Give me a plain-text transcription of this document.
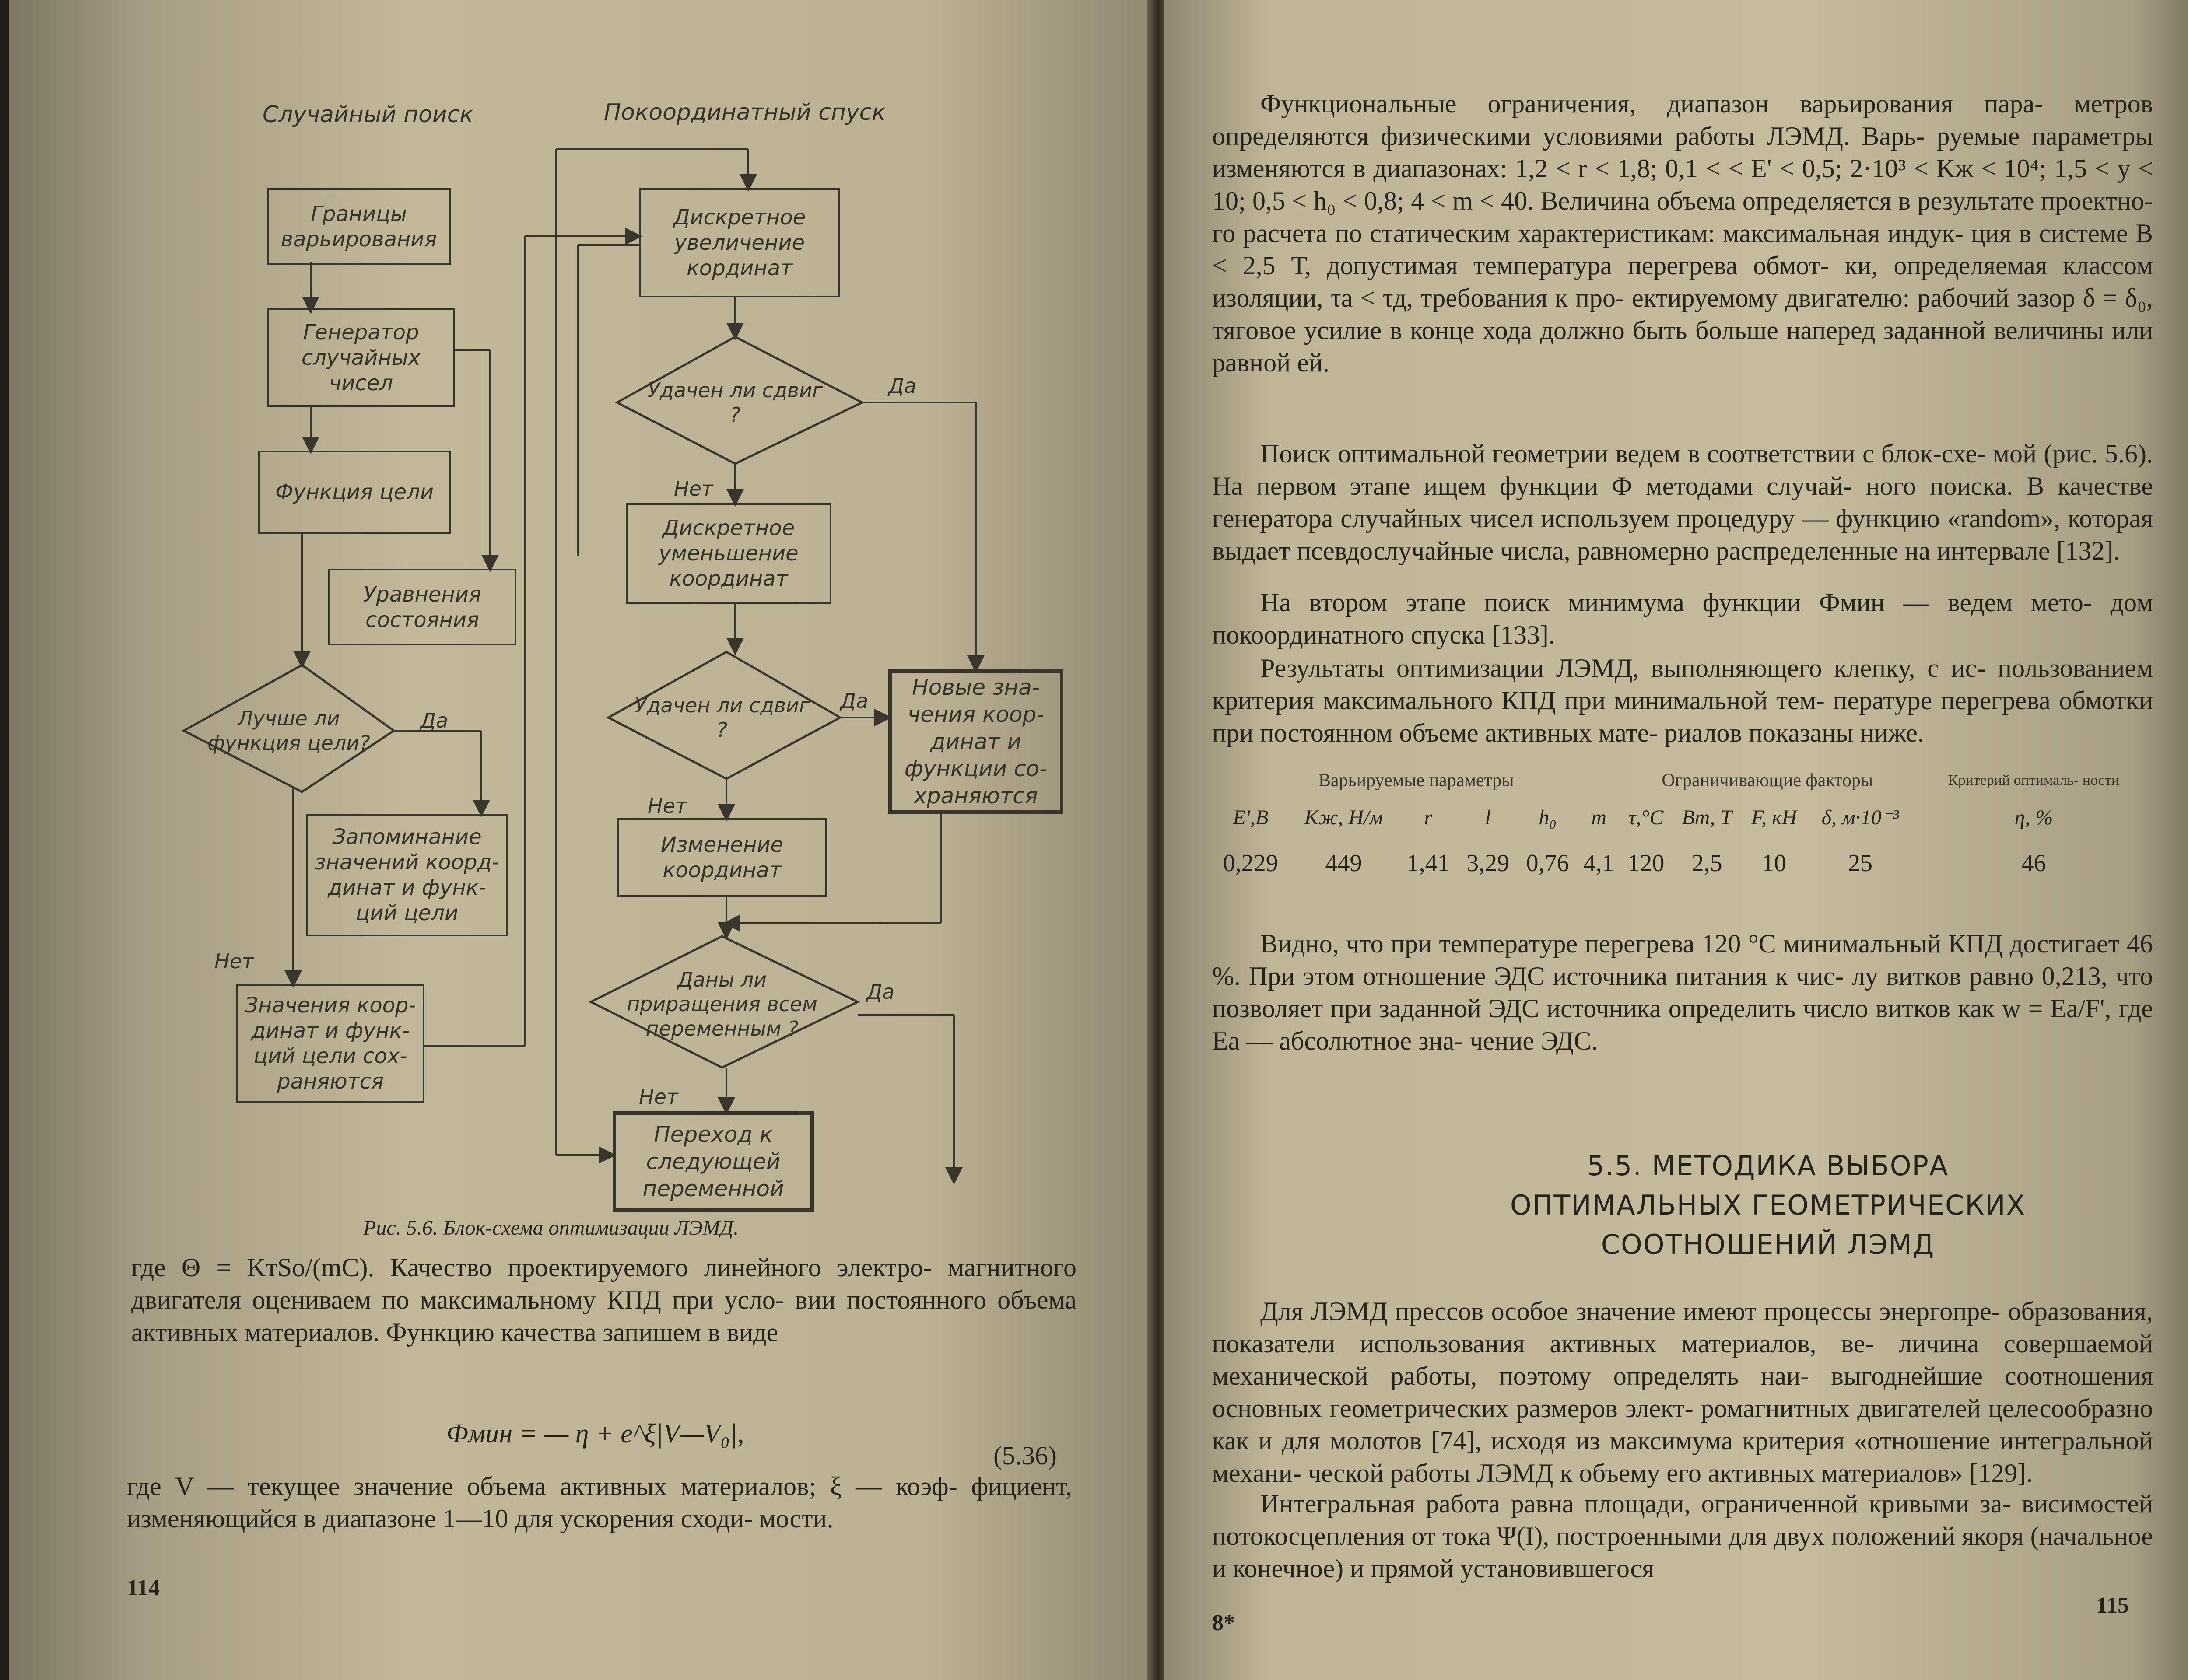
Случайный поиск	Покоординатный спуск
Границы варьирования
Генератор случайных чисел
Функция цели
Уравнения состояния
Лучше ли функция цели?
Да
Запоминание значений коорд- динат и функ- ций цели
Нет
Значения коор- динат и функ- ций цели сох- раняются
Дискретное увеличение кординат
Удачен ли сдвиг ?
Да
Нет
Дискретное уменьшение координат
Удачен ли сдвиг ?
Да
Новые зна- чения коор- динат и функции со- храняются
Нет
Изменение координат
Даны ли приращения всем переменным ?
Да
Нет
Переход к следующей переменной
Рис. 5.6. Блок-схема оптимизации ЛЭМД.
где Θ = KтSo/(mC). Качество проектируемого линейного электро- магнитного двигателя оцениваем по максимальному КПД при усло- вии постоянного объема активных материалов. Функцию качества запишем в виде
Фмин = — η + e^ξ|V—V₀|,
(5.36)
где V — текущее значение объема активных материалов; ξ — коэф- фициент, изменяющийся в диапазоне 1—10 для ускорения сходи- мости.
114
Функциональные ограничения, диапазон варьирования пара- метров определяются физическими условиями работы ЛЭМД. Варь- руемые параметры изменяются в диапазонах: 1,2 < r < 1,8; 0,1 < < E' < 0,5; 2·10³ < Kж < 10⁴; 1,5 < y < 10; 0,5 < h₀ < 0,8; 4 < m < 40. Величина объема определяется в результате проектно- го расчета по статическим характеристикам: максимальная индук- ция в системе B < 2,5 Т, допустимая температура перегрева обмот- ки, определяемая классом изоляции, τа < τд, требования к про- ектируемому двигателю: рабочий зазор δ = δ₀, тяговое усилие в конце хода должно быть больше наперед заданной величины или равной ей.
Поиск оптимальной геометрии ведем в соответствии с блок-схе- мой (рис. 5.6). На первом этапе ищем функции Ф методами случай- ного поиска. В качестве генератора случайных чисел используем процедуру — функцию «random», которая выдает псевдослучайные числа, равномерно распределенные на интервале [132].
На втором этапе поиск минимума функции Фмин — ведем мето- дом покоординатного спуска [133].
Результаты оптимизации ЛЭМД, выполняющего клепку, с ис- пользованием критерия максимального КПД при минимальной тем- пературе перегрева обмотки при постоянном объеме активных мате- риалов показаны ниже.
Варьируемые параметры						Ограничивающие факторы				Критерий оптималь- ности
E',В	Kж, Н/м	r	l	h₀	m	τ,°C	Bm, Т	F, кН	δ, м·10⁻³	η, %
0,229	449	1,41	3,29	0,76	4,1	120	2,5	10	25	46
Видно, что при температуре перегрева 120 °С минимальный КПД достигает 46 %. При этом отношение ЭДС источника питания к чис- лу витков равно 0,213, что позволяет при заданной ЭДС источника определить число витков как w = Eа/F', где Eа — абсолютное зна- чение ЭДС.
5.5. МЕТОДИКА ВЫБОРА
ОПТИМАЛЬНЫХ ГЕОМЕТРИЧЕСКИХ
СООТНОШЕНИЙ ЛЭМД
Для ЛЭМД прессов особое значение имеют процессы энергопре- образования, показатели использования активных материалов, ве- личина совершаемой механической работы, поэтому определять наи- выгоднейшие соотношения основных геометрических размеров элект- ромагнитных двигателей целесообразно как и для молотов [74], исходя из максимума критерия «отношение интегральной механи- ческой работы ЛЭМД к объему его активных материалов» [129].
Интегральная работа равна площади, ограниченной кривыми за- висимостей потокосцепления от тока Ψ(I), построенными для двух положений якоря (начальное и конечное) и прямой установившегося
8*
115
